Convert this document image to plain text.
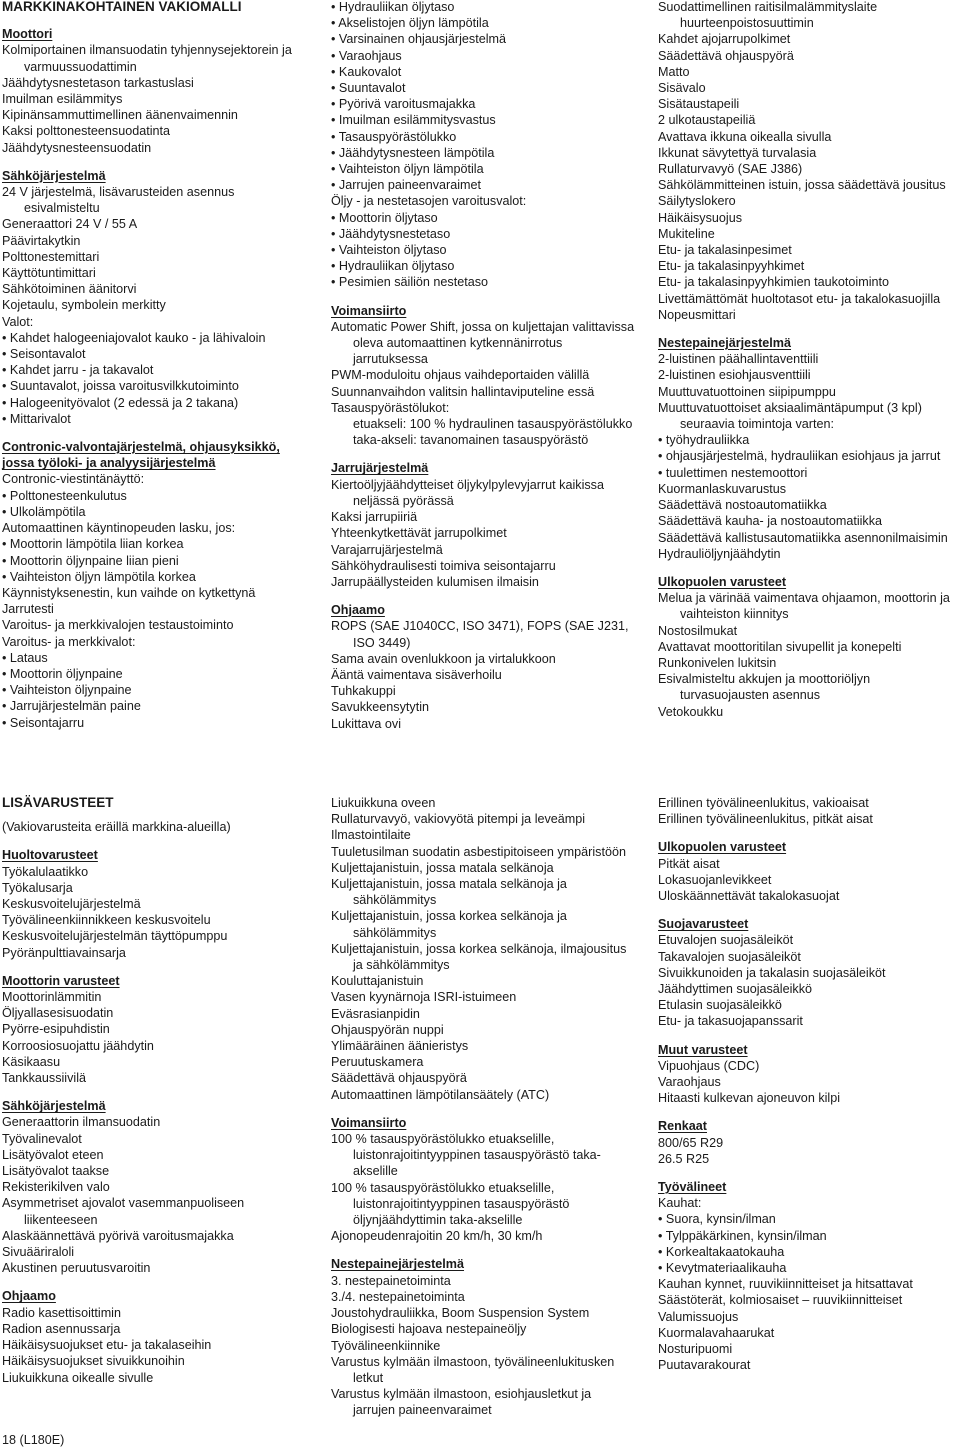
MARKKINAKOHTAINEN VAKIOMALLI
Moottori
Kolmiportainen ilmansuodatin tyhjennysejektorein ja varmuussuodattimin
Jäähdytysnestetason tarkastuslasi
Imuilman esilämmitys
Kipinänsammuttimellinen äänenvaimennin
Kaksi polttonesteensuodatinta
Jäähdytysnesteensuodatin
Sähköjärjestelmä
24 V järjestelmä, lisävarusteiden asennus esivalmisteltu
Generaattori 24 V / 55 A
Päävirtakytkin
Polttonestemittari
Käyttötuntimittari
Sähkötoiminen äänitorvi
Kojetaulu, symbolein merkitty
Valot:
• Kahdet halogeeniajovalot kauko - ja lähivaloin
• Seisontavalot
• Kahdet jarru - ja takavalot
• Suuntavalot, joissa varoitusvilkkutoiminto
• Halogeenityövalot (2 edessä ja 2 takana)
• Mittarivalot
Contronic-valvontajärjestelmä, ohjausyksikkö, jossa työloki- ja analyysijärjestelmä
Contronic-viestintänäyttö:
• Polttonesteenkulutus
• Ulkolämpötila
Automaattinen käyntinopeuden lasku, jos:
• Moottorin lämpötila liian korkea
• Moottorin öljynpaine liian pieni
• Vaihteiston öljyn lämpötila korkea
Käynnistyksenestin, kun vaihde on kytkettynä
Jarrutesti
Varoitus- ja merkkivalojen testaustoiminto
Varoitus- ja merkkivalot:
• Lataus
• Moottorin öljynpaine
• Vaihteiston öljynpaine
• Jarrujärjestelmän paine
• Seisontajarru
• Hydrauliikan öljytaso
• Akselistojen öljyn lämpötila
• Varsinainen ohjausjärjestelmä
• Varaohjaus
• Kaukovalot
• Suuntavalot
• Pyörivä varoitusmajakka
• Imuilman esilämmitysvastus
• Tasauspyörästölukko
• Jäähdytysnesteen lämpötila
• Vaihteiston öljyn lämpötila
• Jarrujen paineenvaraimet
Öljy - ja nestetasojen varoitusvalot:
• Moottorin öljytaso
• Jäähdytysnestetaso
• Vaihteiston öljytaso
• Hydrauliikan öljytaso
• Pesimien säiliön nestetaso
Voimansiirto
Automatic Power Shift, jossa on kuljettajan valittavissa oleva automaattinen kytkennänirrotus jarrutuksessa
PWM-moduloitu ohjaus vaihdeportaiden välillä
Suunnanvaihdon valitsin hallintaviputeline essä
Tasauspyörästölukot:
etuakseli: 100 % hydraulinen tasauspyörästölukko
taka-akseli: tavanomainen tasauspyörästö
Jarrujärjestelmä
Kiertoöljyjäähdytteiset öljykylpylevyjarrut kaikissa neljässä pyörässä
Kaksi jarrupiiriä
Yhteenkytkettävät jarrupolkimet
Varajarrujärjestelmä
Sähköhydraulisesti toimiva seisontajarru
Jarrupäällysteiden kulumisen ilmaisin
Ohjaamo
ROPS (SAE J1040CC, ISO 3471), FOPS (SAE J231, ISO 3449)
Sama avain ovenlukkoon ja virtalukkoon
Ääntä vaimentava sisäverhoilu
Tuhkakuppi
Savukkeensytytin
Lukittava ovi
Suodattimellinen raitisilmalämmityslaite huurteenpoistosuuttimin
Kahdet ajojarrupolkimet
Säädettävä ohjauspyörä
Matto
Sisävalo
Sisätaustapeili
2 ulkotaustapeiliä
Avattava ikkuna oikealla sivulla
Ikkunat sävytettyä turvalasia
Rullaturvavyö (SAE J386)
Sähkölämmitteinen istuin, jossa säädettävä jousitus
Säilytyslokero
Häikäisysuojus
Mukiteline
Etu- ja takalasinpesimet
Etu- ja takalasinpyyhkimet
Etu- ja takalasinpyyhkimien taukotoiminto
Livettämättömät huoltotasot etu- ja takalokasuojilla
Nopeusmittari
Nestepainejärjestelmä
2-luistinen päähallintaventtiili
2-luistinen esiohjausventtiili
Muuttuvatuottoinen siipipumppu
Muuttuvatuottoiset aksiaalimäntäpumput (3 kpl) seuraavia toimintoja varten:
• työhydrauliikka
• ohjausjärjestelmä, hydrauliikan esiohjaus ja jarrut
• tuulettimen nestemoottori
Kuormanlaskuvarustus
Säädettävä nostoautomatiikka
Säädettävä kauha- ja nostoautomatiikka
Säädettävä kallistusautomatiikka asennonilmaisimin
Hydrauliöljynjäähdytin
Ulkopuolen varusteet
Melua ja värinää vaimentava ohjaamon, moottorin ja vaihteiston kiinnitys
Nostosilmukat
Avattavat moottoritilan sivupellit ja konepelti
Runkonivelen lukitsin
Esivalmisteltu akkujen ja moottoriöljyn turvasuojausten asennus
Vetokoukku
LISÄVARUSTEET
(Vakiovarusteita eräillä markkina-alueilla)
Huoltovarusteet
Työkalulaatikko
Työkalusarja
Keskusvoitelujärjestelmä
Työvälineenkiinnikkeen keskusvoitelu
Keskusvoitelujärjestelmän täyttöpumppu
Pyöränpulttiavainsarja
Moottorin varusteet
Moottorinlämmitin
Öljyallasesisuodatin
Pyörre-esipuhdistin
Korroosiosuojattu jäähdytin
Käsikaasu
Tankkaussiivilä
Sähköjärjestelmä
Generaattorin ilmansuodatin
Työvalinevalot
Lisätyövalot eteen
Lisätyövalot taakse
Rekisterikilven valo
Asymmetriset ajovalot vasemmanpuoliseen liikenteeseen
Alaskäännettävä pyörivä varoitusmajakka
Sivuääriraloli
Akustinen peruutusvaroitin
Ohjaamo
Radio kasettisoittimin
Radion asennussarja
Häikäisysuojukset etu- ja takalaseihin
Häikäisysuojukset sivuikkunoihin
Liukuikkuna oikealle sivulle
Liukuikkuna oveen
Rullaturvavyö, vakiovyötä pitempi ja leveämpi
Ilmastointilaite
Tuuletusilman suodatin asbestipitoiseen ympäristöön
Kuljettajanistuin, jossa matala selkänoja
Kuljettajanistuin, jossa matala selkänoja ja sähkölämmitys
Kuljettajanistuin, jossa korkea selkänoja ja sähkölämmitys
Kuljettajanistuin, jossa korkea selkänoja, ilmajousitus ja sähkölämmitys
Kouluttajanistuin
Vasen kyynärnoja ISRI-istuimeen
Eväsrasianpidin
Ohjauspyörän nuppi
Ylimääräinen äänieristys
Peruutuskamera
Säädettävä ohjauspyörä
Automaattinen lämpötilansäätely (ATC)
Voimansiirto
100 % tasauspyörästölukko etuakselille, luistonrajoitintyyppinen tasauspyörästö taka-akselille
100 % tasauspyörästölukko etuakselille, luistonrajoitintyyppinen tasauspyörästö öljynjäähdyttimin taka-akselille
Ajonopeudenrajoitin 20 km/h, 30 km/h
Nestepainejärjestelmä
3. nestepainetoiminta
3./4. nestepainetoiminta
Joustohydrauliikka, Boom Suspension System
Biologisesti hajoava nestepaineöljy
Työvälineenkiinnike
Varustus kylmään ilmastoon, työvälineenlukitusken letkut
Varustus kylmään ilmastoon, esiohjausletkut ja jarrujen paineenvaraimet
Erillinen työvälineenlukitus, vakioaisat
Erillinen työvälineenlukitus, pitkät aisat
Ulkopuolen varusteet
Pitkät aisat
Lokasuojanlevikkeet
Uloskäännettävät takalokasuojat
Suojavarusteet
Etuvalojen suojasäleiköt
Takavalojen suojasäleiköt
Sivuikkunoiden ja takalasin suojasäleiköt
Jäähdyttimen suojasäleikkö
Etulasin suojasäleikkö
Etu- ja takasuojapanssarit
Muut varusteet
Vipuohjaus (CDC)
Varaohjaus
Hitaasti kulkevan ajoneuvon kilpi
Renkaat
800/65 R29
26.5 R25
Työvälineet
Kauhat:
• Suora, kynsin/ilman
• Tylppäkärkinen, kynsin/ilman
• Korkealtakaatokauha
• Kevytmateriaalikauha
Kauhan kynnet, ruuvikiinnitteiset ja hitsattavat
Säästöterät, kolmiosaiset – ruuvikiinnitteiset
Valumissuojus
Kuormalavahaarukat
Nosturipuomi
Puutavarakourat
18 (L180E)
